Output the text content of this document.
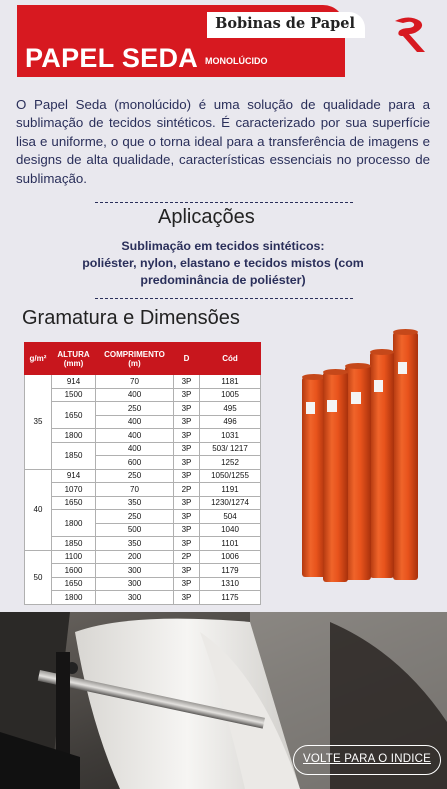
Bobinas de Papel
PAPEL SEDA MONOLÚCIDO

O Papel Seda (monolúcido) é uma solução de qualidade para a sublimação de tecidos sintéticos. É caracterizado por sua superfície lisa e uniforme, o que o torna ideal para a transferência de imagens e designs de alta qualidade, características essenciais no processo de sublimação.

Aplicações
Sublimação em tecidos sintéticos:
poliéster, nylon, elastano e tecidos mistos (com
predominância de poliéster)
Gramatura e Dimensões
g/m²	ALTURA (mm)	COMPRIMENTO (m)	D	Cód
35	914	70	3P	1181
	1500	400	3P	1005
	1650	250	3P	495
		400	3P	496
	1800	400	3P	1031
	1850	400	3P	503/ 1217
		600	3P	1252
40	914	250	3P	1050/1255
	1070	70	2P	1191
	1650	350	3P	1230/1274
	1800	250	3P	504
		500	3P	1040
	1850	350	3P	1101
50	1100	200	2P	1006
	1600	300	3P	1179
	1650	300	3P	1310
	1800	300	3P	1175
VOLTE PARA O INDICE
